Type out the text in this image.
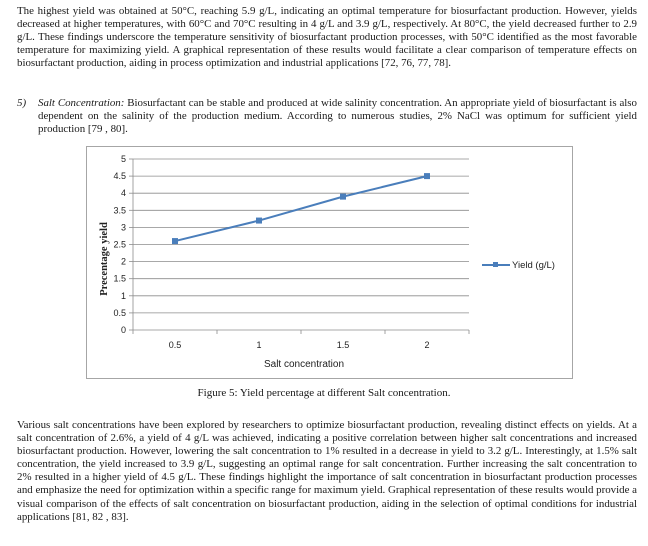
The highest yield was obtained at 50°C, reaching 5.9 g/L, indicating an optimal temperature for biosurfactant production. However, yields decreased at higher temperatures, with 60°C and 70°C resulting in 4 g/L and 3.9 g/L, respectively. At 80°C, the yield decreased further to 2.9 g/L. These findings underscore the temperature sensitivity of biosurfactant production processes, with 50°C identified as the most favorable temperature for maximizing yield. A graphical representation of these results would facilitate a clear comparison of temperature effects on biosurfactant production, aiding in process optimization and industrial applications [72, 76, 77, 78].

5) Salt Concentration: Biosurfactant can be stable and produced at wide salinity concentration. An appropriate yield of biosurfactant is also dependent on the salinity of the production medium. According to numerous studies, 2% NaCl was optimum for sufficient yield production [79 , 80].
0
0.5
1
1.5
2
2.5
3
3.5
4
4.5
5
0.5	1	1.5	2
Salt concentration
Precentage yield	Yield (g/L)
Figure 5: Yield percentage at different Salt concentration.

Various salt concentrations have been explored by researchers to optimize biosurfactant production, revealing distinct effects on yields. At a salt concentration of 2.6%, a yield of 4 g/L was achieved, indicating a positive correlation between higher salt concentrations and increased biosurfactant production. However, lowering the salt concentration to 1% resulted in a decrease in yield to 3.2 g/L. Interestingly, at 1.5% salt concentration, the yield increased to 3.9 g/L, suggesting an optimal range for salt concentration. Further increasing the salt concentration to 2% resulted in a higher yield of 4.5 g/L. These findings highlight the importance of salt concentration in biosurfactant production processes and emphasize the need for optimization within a specific range for maximum yield. Graphical representation of these results would provide a visual comparison of the effects of salt concentration on biosurfactant production, aiding in the selection of optimal conditions for industrial applications [81, 82 , 83].
